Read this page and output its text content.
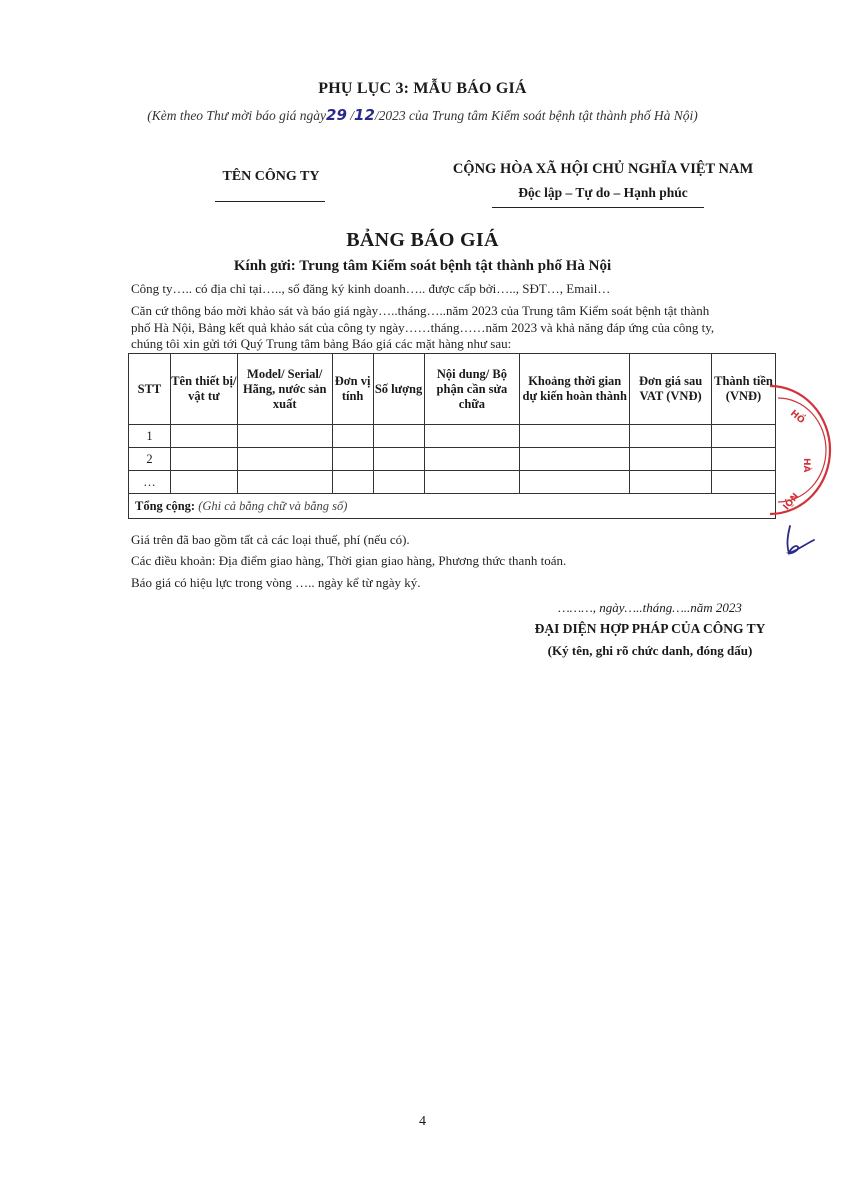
PHỤ LỤC 3: MẪU BÁO GIÁ
(Kèm theo Thư mời báo giá ngày29 /12/2023 của Trung tâm Kiểm soát bệnh tật thành phố Hà Nội)
TÊN CÔNG TY	CỘNG HÒA XÃ HỘI CHỦ NGHĨA VIỆT NAM
Độc lập – Tự do – Hạnh phúc
BẢNG BÁO GIÁ
Kính gửi: Trung tâm Kiểm soát bệnh tật thành phố Hà Nội
Công ty….. có địa chỉ tại….., số đăng ký kinh doanh….. được cấp bởi….., SĐT…, Email…
Căn cứ thông báo mời khảo sát và báo giá ngày…..tháng…..năm 2023 của Trung tâm Kiểm soát bệnh tật thành
phố Hà Nội, Bảng kết quả khảo sát của công ty ngày……tháng……năm 2023 và khả năng đáp ứng của công ty,
chúng tôi xin gửi tới Quý Trung tâm bảng Báo giá các mặt hàng như sau:
STT	Tên thiết bị/ vật tư	Model/ Serial/ Hãng, nước sản xuất	Đơn vị tính	Số lượng	Nội dung/ Bộ phận cần sửa chữa	Khoảng thời gian dự kiến hoàn thành	Đơn giá sau VAT (VNĐ)	Thành tiền (VNĐ)
1								
2								
…								
Tổng cộng: (Ghi cả bằng chữ và bằng số)								
Giá trên đã bao gồm tất cả các loại thuế, phí (nếu có).
Các điều khoản: Địa điểm giao hàng, Thời gian giao hàng, Phương thức thanh toán.
Báo giá có hiệu lực trong vòng ….. ngày kể từ ngày ký.
………, ngày…..tháng…..năm 2023
ĐẠI DIỆN HỢP PHÁP CỦA CÔNG TY
(Ký tên, ghi rõ chức danh, đóng dấu)
HỒ
HÀ
NỘI
4
